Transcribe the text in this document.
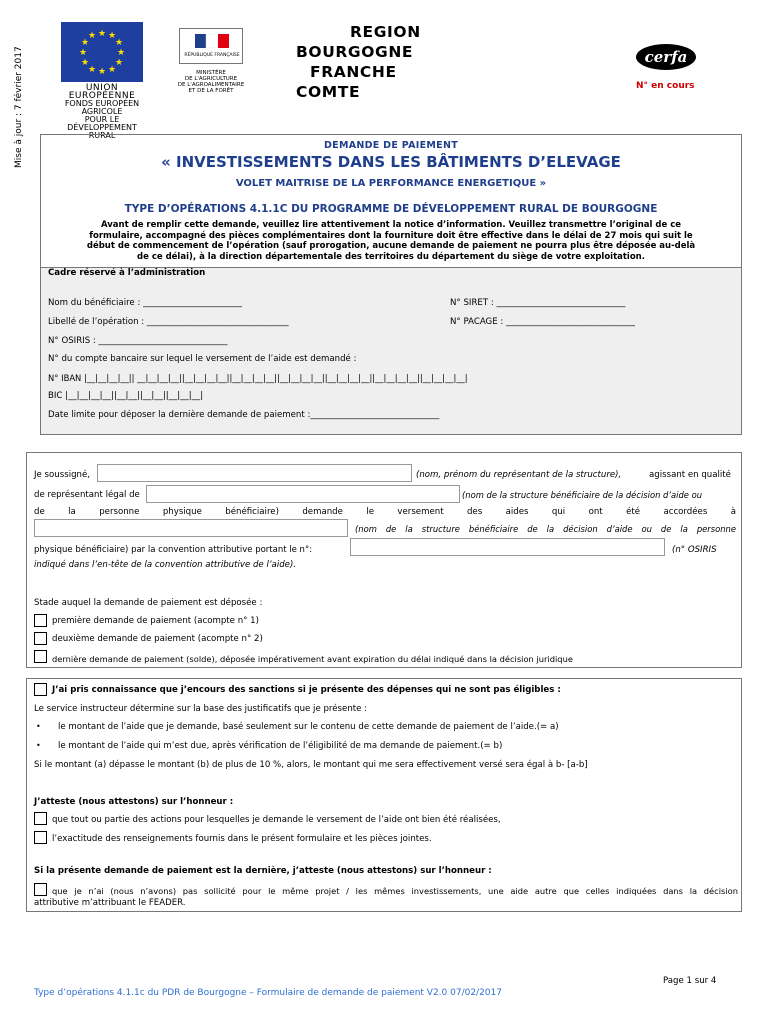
Mise à jour : 7 février 2017
★ ★
★
★
★
★
★
★
★
★
★
★
UNION EUROPÉENNE
FONDS EUROPÉEN AGRICOLE
POUR LE DÉVELOPPEMENT RURAL
RÉPUBLIQUE FRANÇAISE
MINISTÈRE
DE L'AGRICULTURE
DE L'AGROALIMENTAIRE
ET DE LA FORÊT
REGION
BOURGOGNE
FRANCHE
COMTE
cerfa
N° en cours
DEMANDE DE PAIEMENT
« INVESTISSEMENTS DANS LES BÂTIMENTS D’ELEVAGE
VOLET MAITRISE DE LA PERFORMANCE ENERGETIQUE »
TYPE D’OPÉRATIONS 4.1.1C DU PROGRAMME DE DÉVELOPPEMENT RURAL DE BOURGOGNE
Avant de remplir cette demande, veuillez lire attentivement la notice d’information. Veuillez transmettre l’original de ce
formulaire, accompagné des pièces complémentaires dont la fourniture doit être effective dans le délai de 27 mois qui suit le
début de commencement de l’opération (sauf prorogation, aucune demande de paiement ne pourra plus être déposée au-delà
de ce délai), à la direction départementale des territoires du département du siège de votre exploitation.
Cadre réservé à l’administration
Nom du bénéficiaire : _______________________	N° SIRET : ______________________________
Libellé de l’opération : _________________________________	N° PACAGE : ______________________________
N° OSIRIS : ______________________________
N° du compte bancaire sur lequel le versement de l’aide est demandé :
N° IBAN |__|__|__|__|| __|__|__|__||__|__|__|__||__|__|__|__||__|__|__|__||__|__|__|__||__|__|__|__||__|__|__|__|
BIC |__|__|__|__||__|__||__|__||__|__|__|
Date limite pour déposer la dernière demande de paiement :______________________________
Je soussigné,	(nom, prénom du représentant de la structure),	agissant en qualité
de représentant légal de	(nom de la structure bénéficiaire de la décision d’aide ou
de la personne physique bénéficiaire) demande le versement des aides qui ont été accordées à
(nom de la structure bénéficiaire de la décision d’aide ou de la personne
physique bénéficiaire) par la convention attributive portant le n°:	(n° OSIRIS
indiqué dans l’en-tête de la convention attributive de l’aide).
Stade auquel la demande de paiement est déposée :
première demande de paiement (acompte n° 1)
deuxième demande de paiement (acompte n° 2)
dernière demande de paiement (solde), déposée impérativement avant expiration du délai indiqué dans la décision juridique
J’ai pris connaissance que j’encours des sanctions si je présente des dépenses qui ne sont pas éligibles :
Le service instructeur détermine sur la base des justificatifs que je présente :
• le montant de l’aide que je demande, basé seulement sur le contenu de cette demande de paiement de l’aide.(= a)
• le montant de l’aide qui m’est due, après vérification de l’éligibilité de ma demande de paiement.(= b)
Si le montant (a) dépasse le montant (b) de plus de 10 %, alors, le montant qui me sera effectivement versé sera égal à b- [a-b]
J’atteste (nous attestons) sur l’honneur :
que tout ou partie des actions pour lesquelles je demande le versement de l’aide ont bien été réalisées,
l’exactitude des renseignements fournis dans le présent formulaire et les pièces jointes.
Si la présente demande de paiement est la dernière, j’atteste (nous attestons) sur l’honneur :
que je n’ai (nous n’avons) pas sollicité pour le même projet / les mêmes investissements, une aide autre que celles indiquées dans la décision
attributive m’attribuant le FEADER.
Page 1 sur 4
Type d’opérations 4.1.1c du PDR de Bourgogne – Formulaire de demande de paiement V2.0 07/02/2017
